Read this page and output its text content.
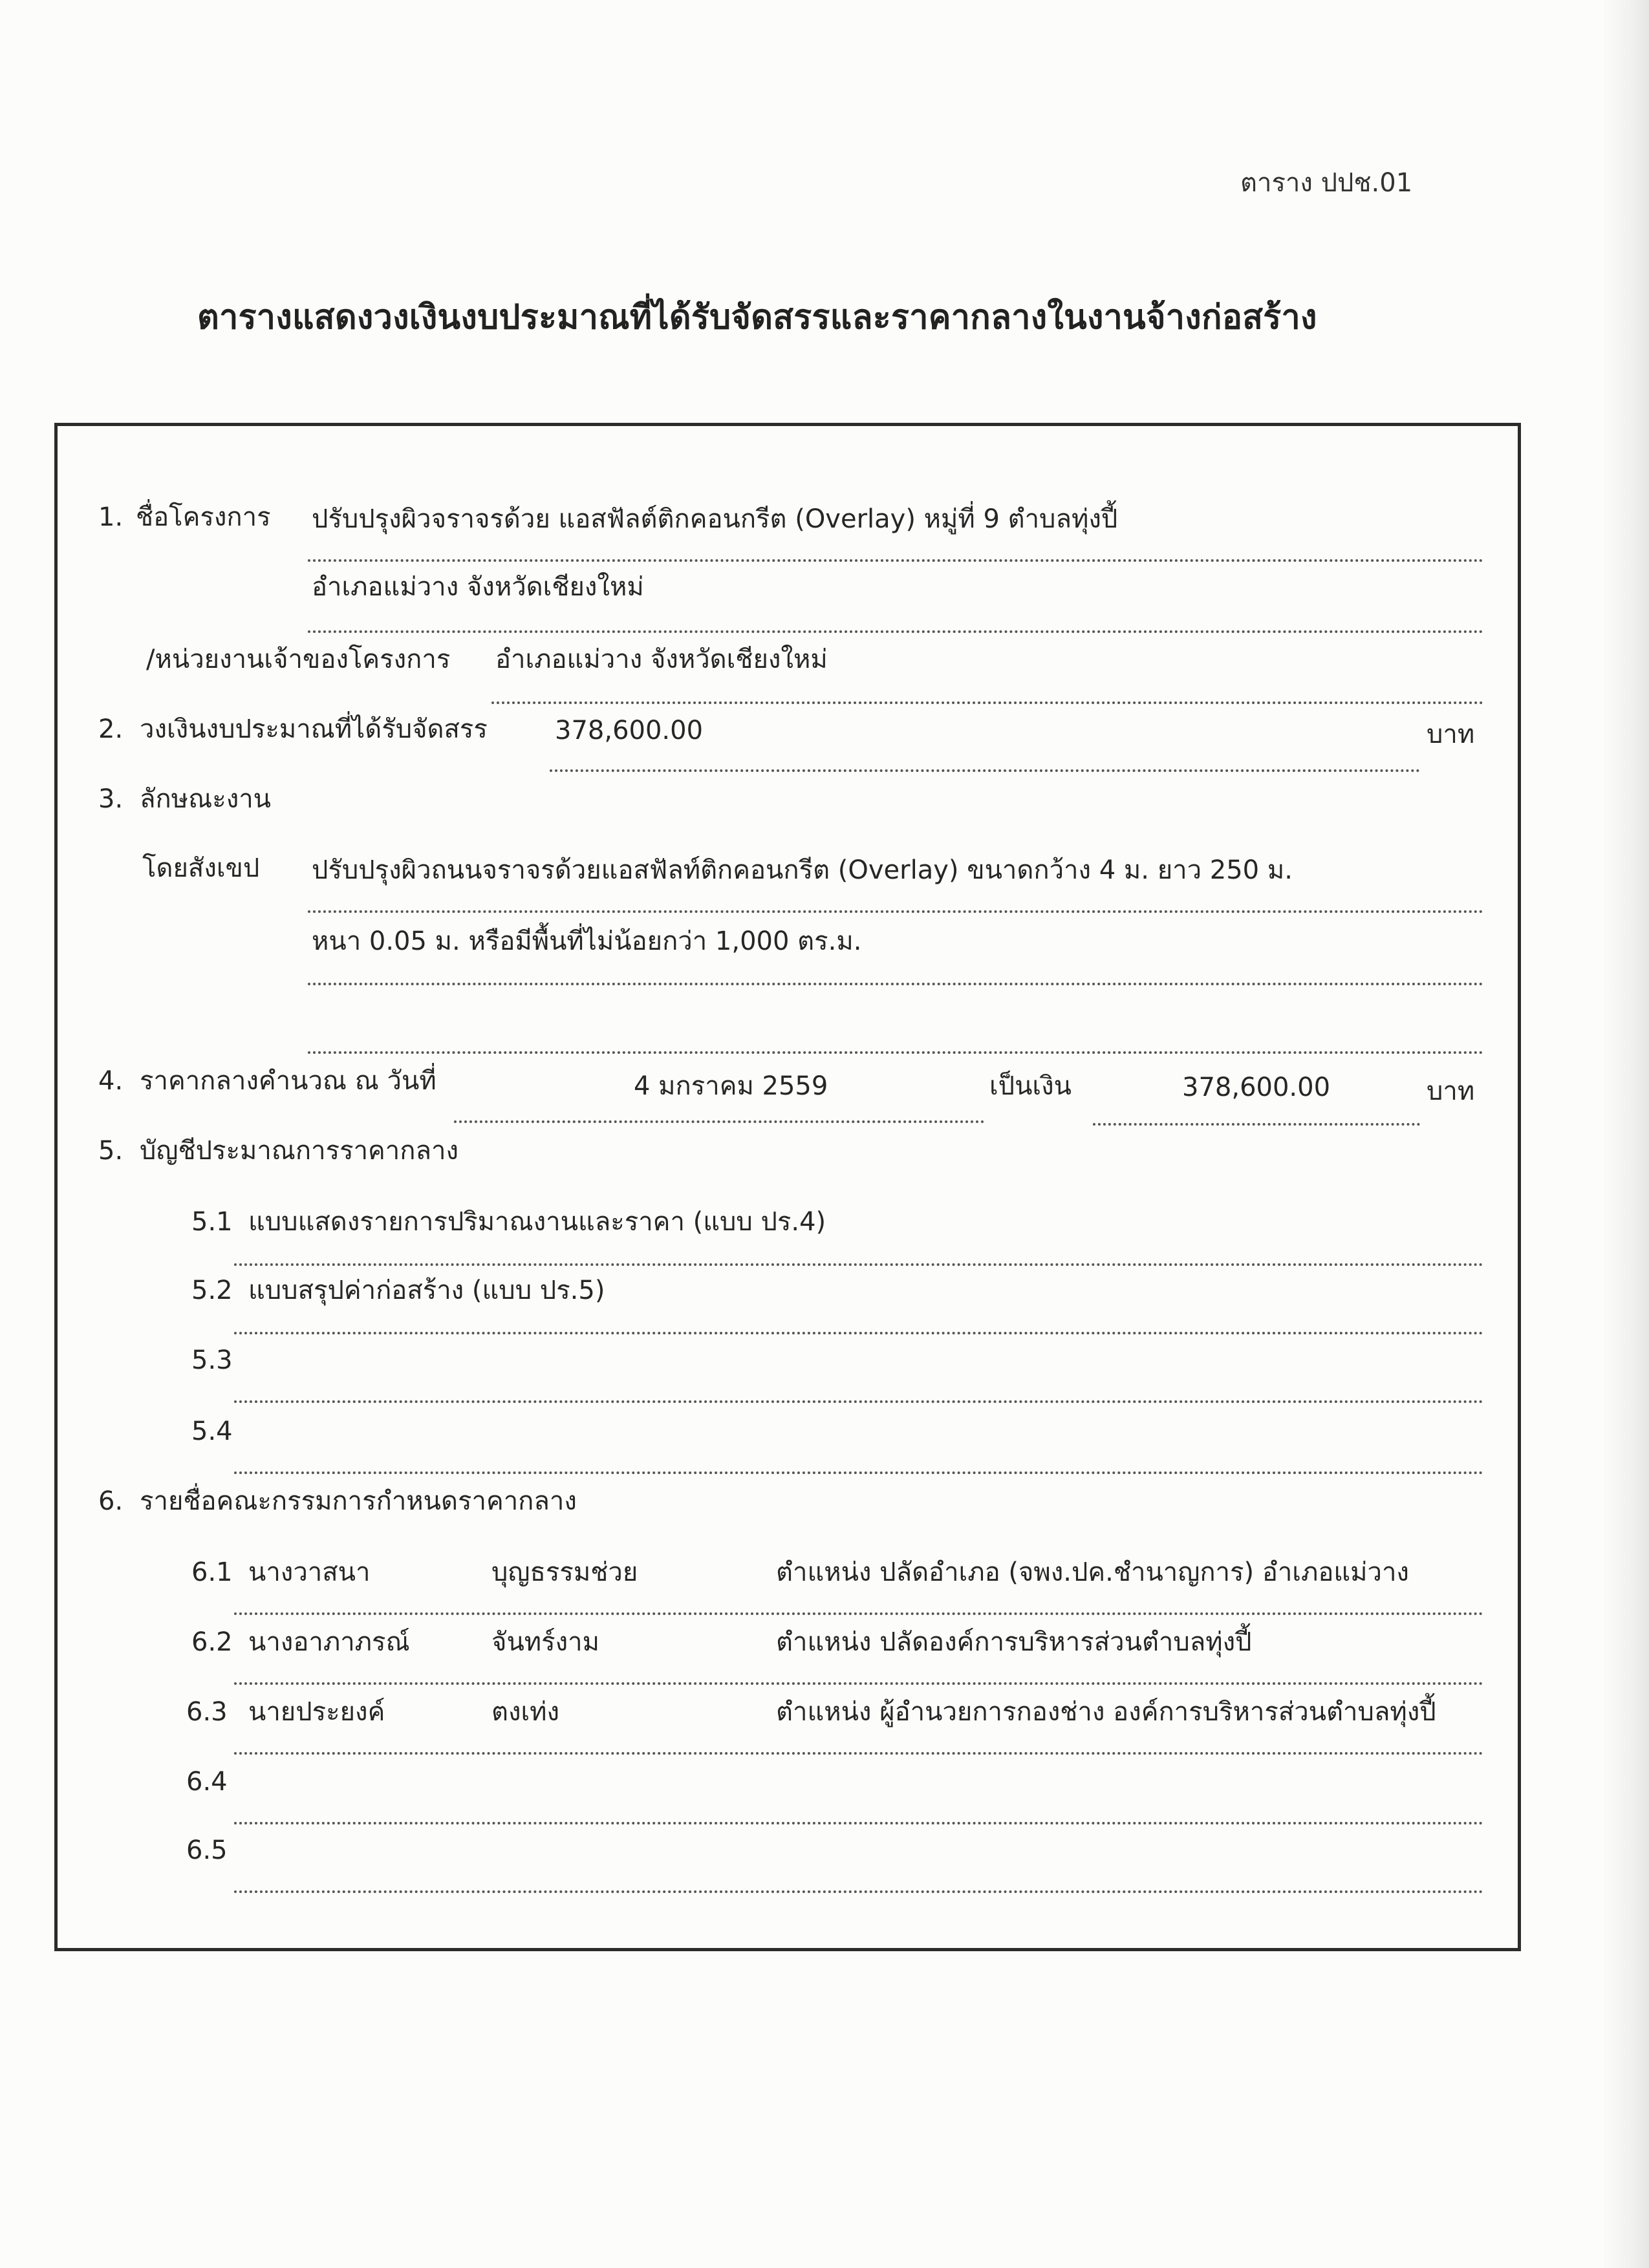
ตาราง ปปช.01
ตารางแสดงวงเงินงบประมาณที่ได้รับจัดสรรและราคากลางในงานจ้างก่อสร้าง
1. ชื่อโครงการ ปรับปรุงผิวจราจรด้วย แอสฟัลต์ติกคอนกรีต (Overlay) หมู่ที่ 9 ตำบลทุ่งปี้
อำเภอแม่วาง จังหวัดเชียงใหม่
/หน่วยงานเจ้าของโครงการ อำเภอแม่วาง จังหวัดเชียงใหม่
2. วงเงินงบประมาณที่ได้รับจัดสรร	378,600.00	บาท
3. ลักษณะงาน
โดยสังเขป ปรับปรุงผิวถนนจราจรด้วยแอสฟัลท์ติกคอนกรีต (Overlay) ขนาดกว้าง 4 ม. ยาว 250 ม.
หนา 0.05 ม. หรือมีพื้นที่ไม่น้อยกว่า 1,000 ตร.ม.
4. ราคากลางคำนวณ ณ วันที่	4 มกราคม 2559	เป็นเงิน	378,600.00	บาท
5. บัญชีประมาณการราคากลาง
5.1 แบบแสดงรายการปริมาณงานและราคา (แบบ ปร.4)
5.2 แบบสรุปค่าก่อสร้าง (แบบ ปร.5)
5.3
5.4
6. รายชื่อคณะกรรมการกำหนดราคากลาง
6.1 นางวาสนา	บุญธรรมช่วย	ตำแหน่ง ปลัดอำเภอ (จพง.ปค.ชำนาญการ) อำเภอแม่วาง
6.2 นางอาภาภรณ์	จันทร์งาม	ตำแหน่ง ปลัดองค์การบริหารส่วนตำบลทุ่งปี้
6.3 นายประยงค์	ตงเท่ง	ตำแหน่ง ผู้อำนวยการกองช่าง องค์การบริหารส่วนตำบลทุ่งปี้
6.4
6.5
